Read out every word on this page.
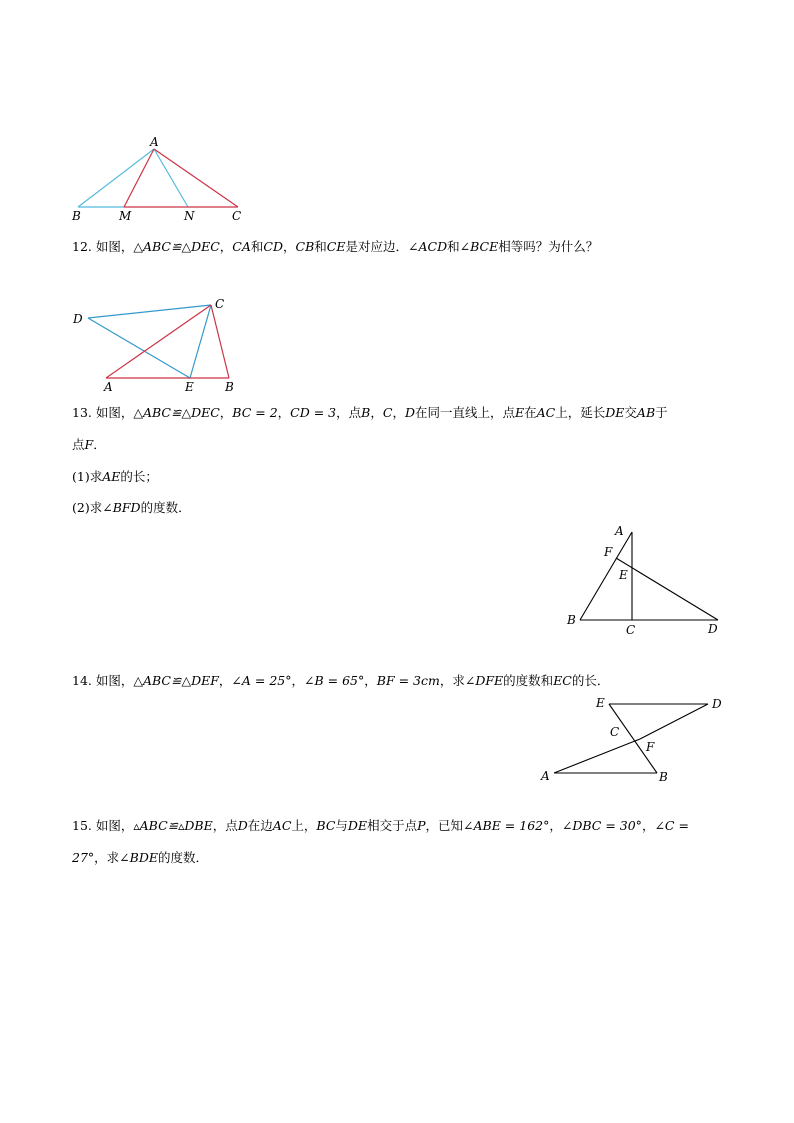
A
B	M	N	C
12. 如图，△ABC≌△DEC，CA和CD，CB和CE是对应边．∠ACD和∠BCE相等吗？为什么？
D
C
A	E	B
13. 如图，△ABC≌△DEC，BC = 2，CD = 3，点B，C，D在同一直线上，点E在AC上，延长DE交AB于
点F．
(1)求AE的长；
(2)求∠BFD的度数．
A
F
E
B
C	D
14. 如图，△ABC≌△DEF，∠A = 25°，∠B = 65°，BF = 3cm，求∠DFE的度数和EC的长．
E	D
C
F
A	B
15. 如图，▵ABC≌▵DBE，点D在边AC上，BC与DE相交于点P，已知∠ABE = 162°，∠DBC = 30°，∠C =
27°，求∠BDE的度数．
